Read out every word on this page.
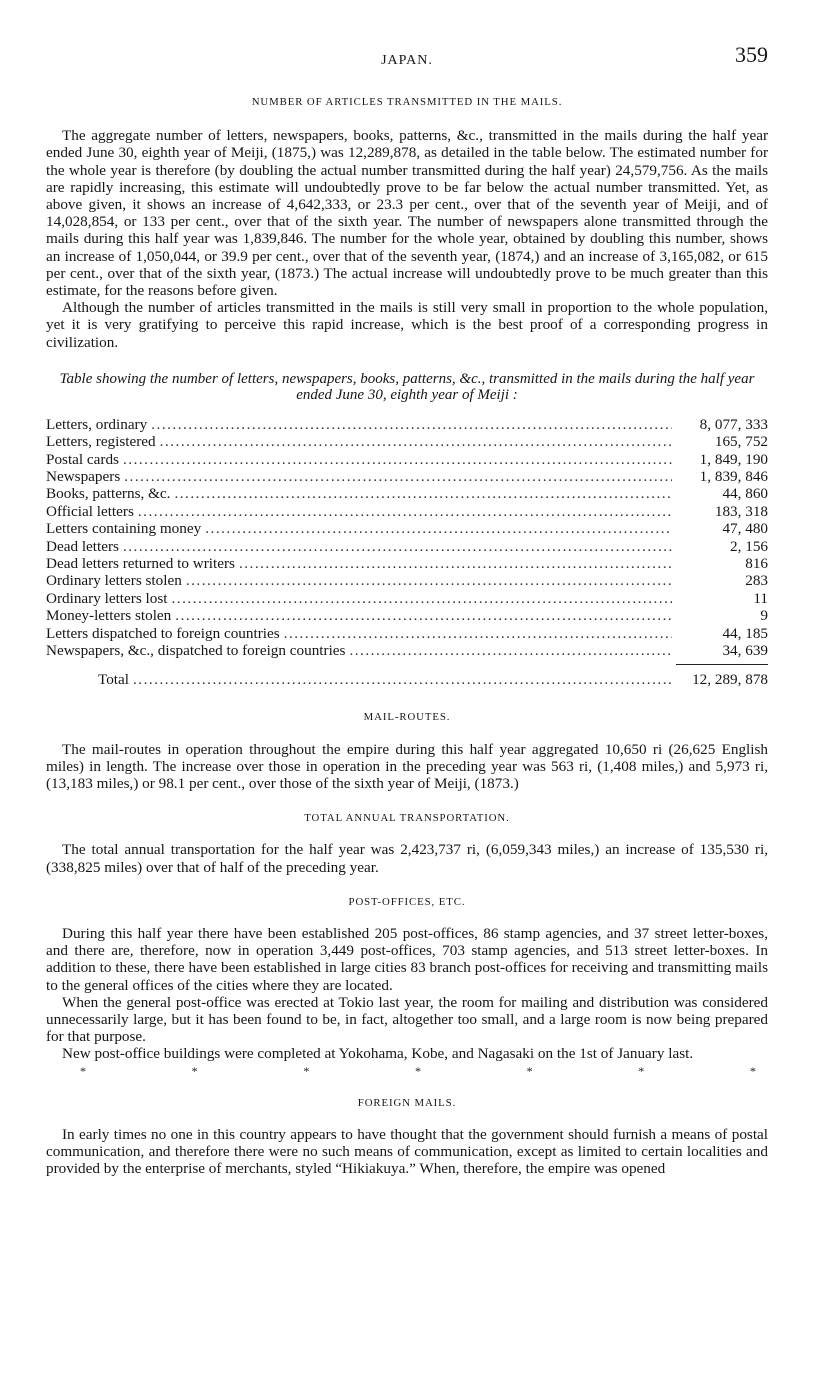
JAPAN.	359
NUMBER OF ARTICLES TRANSMITTED IN THE MAILS.

The aggregate number of letters, newspapers, books, patterns, &c., transmitted in the mails during the half year ended June 30, eighth year of Meiji, (1875,) was 12,289,878, as detailed in the table below. The estimated number for the whole year is therefore (by doubling the actual number transmitted during the half year) 24,579,756. As the mails are rapidly increasing, this estimate will undoubtedly prove to be far below the actual number transmitted. Yet, as above given, it shows an increase of 4,642,333, or 23.3 per cent., over that of the seventh year of Meiji, and of 14,028,854, or 133 per cent., over that of the sixth year. The number of newspapers alone transmitted through the mails during this half year was 1,839,846. The number for the whole year, obtained by doubling this number, shows an increase of 1,050,044, or 39.9 per cent., over that of the seventh year, (1874,) and an increase of 3,165,082, or 615 per cent., over that of the sixth year, (1873.) The actual increase will undoubtedly prove to be much greater than this estimate, for the reasons before given.

Although the number of articles transmitted in the mails is still very small in proportion to the whole population, yet it is very gratifying to perceive this rapid increase, which is the best proof of a corresponding progress in civilization.

Table showing the number of letters, newspapers, books, patterns, &c., transmitted in the mails during the half year ended June 30, eighth year of Meiji :
Letters, ordinary .....	8, 077, 333
Letters, registered .....	165, 752
Postal cards .....	1, 849, 190
Newspapers .....	1, 839, 846
Books, patterns, &c. .....	44, 860
Official letters .....	183, 318
Letters containing money .....	47, 480
Dead letters .....	2, 156
Dead letters returned to writers .....	816
Ordinary letters stolen .....	283
Ordinary letters lost .....	11
Money-letters stolen .....	9
Letters dispatched to foreign countries .....	44, 185
Newspapers, &c., dispatched to foreign countries .....	34, 639
Total .....	12, 289, 878
MAIL-ROUTES.

The mail-routes in operation throughout the empire during this half year aggregated 10,650 ri (26,625 English miles) in length. The increase over those in operation in the preceding year was 563 ri, (1,408 miles,) and 5,973 ri, (13,183 miles,) or 98.1 per cent., over those of the sixth year of Meiji, (1873.)

TOTAL ANNUAL TRANSPORTATION.

The total annual transportation for the half year was 2,423,737 ri, (6,059,343 miles,) an increase of 135,530 ri, (338,825 miles) over that of half of the preceding year.

POST-OFFICES, ETC.

During this half year there have been established 205 post-offices, 86 stamp agencies, and 37 street letter-boxes, and there are, therefore, now in operation 3,449 post-offices, 703 stamp agencies, and 513 street letter-boxes. In addition to these, there have been established in large cities 83 branch post-offices for receiving and transmitting mails to the general offices of the cities where they are located.

When the general post-office was erected at Tokio last year, the room for mailing and distribution was considered unnecessarily large, but it has been found to be, in fact, altogether too small, and a large room is now being prepared for that purpose.

New post-office buildings were completed at Yokohama, Kobe, and Nagasaki on the 1st of January last.

*	*	*	*	*	*	*
FOREIGN MAILS.

In early times no one in this country appears to have thought that the government should furnish a means of postal communication, and therefore there were no such means of communication, except as limited to certain localities and provided by the enterprise of merchants, styled “Hikiakuya.” When, therefore, the empire was opened
